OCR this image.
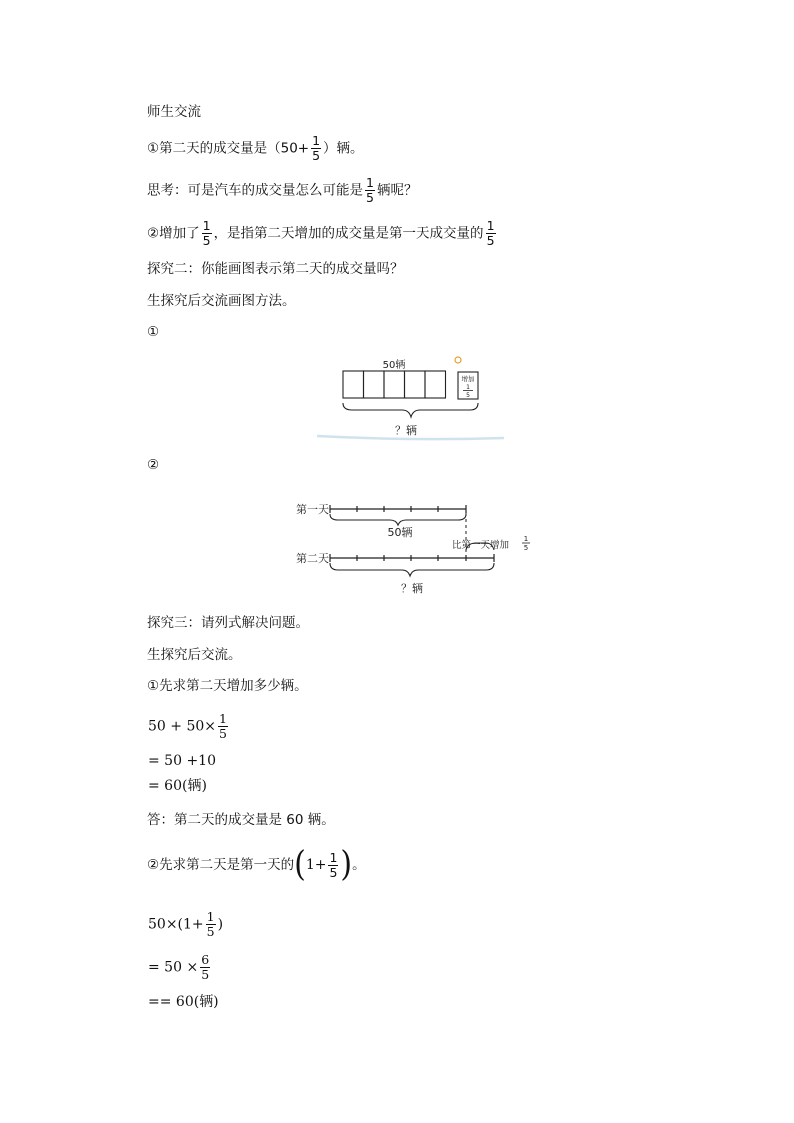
师生交流
①第二天的成交量是（$50+ \frac{1}{5}$ ）辆。
思考：可是汽车的成交量怎么可能是 $\frac{1}{5}$ 辆呢？
②增加了 $\frac{1}{5}$ ，是指第二天增加的成交量是第一天成交量的 $\frac{1}{5}$
探究二：你能画图表示第二天的成交量吗？
生探究后交流画图方法。
①
50辆
增加
1
5
？辆
②
第一天
50辆
比第一天增加
1
5
第二天
？辆
探究三：请列式解决问题。
生探究后交流。
①先求第二天增加多少辆。
$50 + 50\times \frac{1}{5}$
= 50 +10
= 60(辆)
答：第二天的成交量是 60 辆。
②先求第二天是第一天的($1+ \frac{1}{5}$ )。
$50\times(1+ \frac{1}{5}$ )
= $50 \times \frac{6}{5}$
== 60(辆)
